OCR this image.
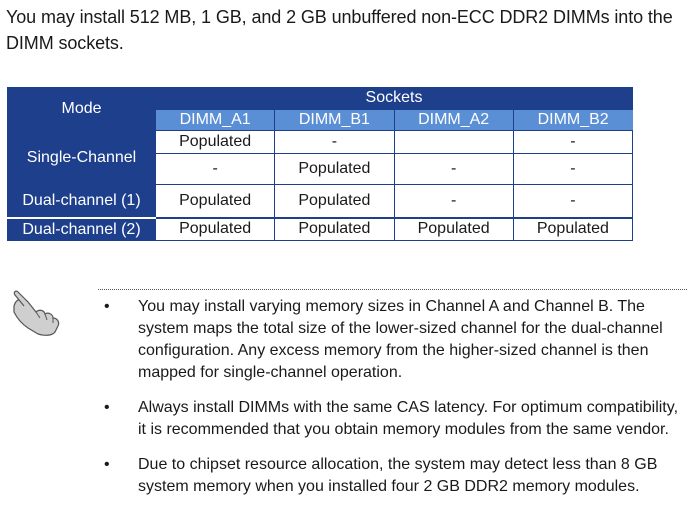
You may install 512 MB, 1 GB, and 2 GB unbuffered non-ECC DDR2 DIMMs into the DIMM sockets.

Mode	Sockets			
	DIMM_A1	DIMM_B1	DIMM_A2	DIMM_B2
Single-Channel	Populated	-		-
	-	Populated	-	-
Dual-channel (1)	Populated	Populated	-	-
Dual-channel (2)	Populated	Populated	Populated	Populated
• You may install varying memory sizes in Channel A and Channel B. The system maps the total size of the lower-sized channel for the dual-channel configuration. Any excess memory from the higher-sized channel is then mapped for single-channel operation.
• Always install DIMMs with the same CAS latency. For optimum compatibility, it is recommended that you obtain memory modules from the same vendor.
• Due to chipset resource allocation, the system may detect less than 8 GB system memory when you installed four 2 GB DDR2 memory modules.
